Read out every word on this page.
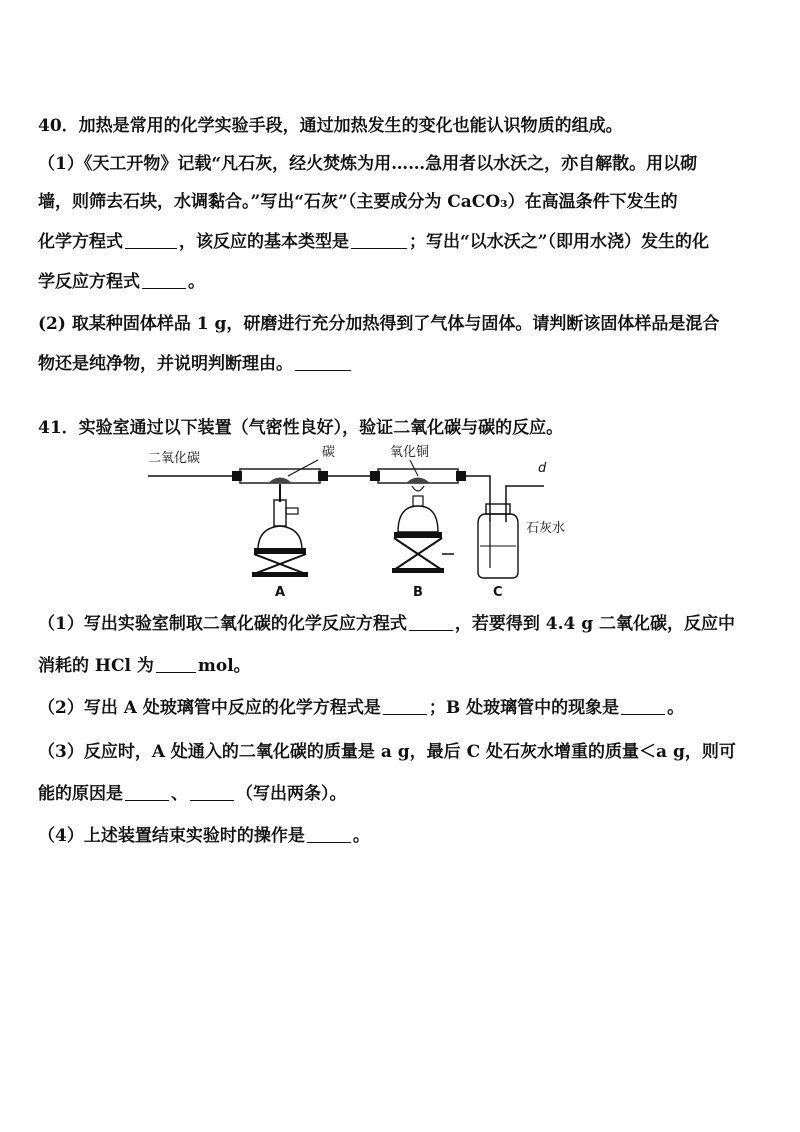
40．加热是常用的化学实验手段，通过加热发生的变化也能认识物质的组成。
（1）《天工开物》记载“凡石灰，经火焚炼为用……急用者以水沃之，亦自解散。用以砌
墙，则筛去石块，水调黏合。”写出“石灰”（主要成分为 CaCO₃）在高温条件下发生的
化学方程式	，该反应的基本类型是	；写出“以水沃之”（即用水浇）发生的化
学反应方程式	。
(2) 取某种固体样品 1 g，研磨进行充分加热得到了气体与固体。请判断该固体样品是混合
物还是纯净物，并说明判断理由。
41．实验室通过以下装置（气密性良好），验证二氧化碳与碳的反应。
二氧化碳	碳	氧化铜
d
石灰水
A	B	C
（1）写出实验室制取二氧化碳的化学反应方程式	，若要得到 4.4 g 二氧化碳，反应中
消耗的 HCl 为	mol。
（2）写出 A 处玻璃管中反应的化学方程式是	；B 处玻璃管中的现象是	。
（3）反应时，A 处通入的二氧化碳的质量是 a g，最后 C 处石灰水增重的质量＜a g，则可
能的原因是	、	（写出两条）。
（4）上述装置结束实验时的操作是	。
